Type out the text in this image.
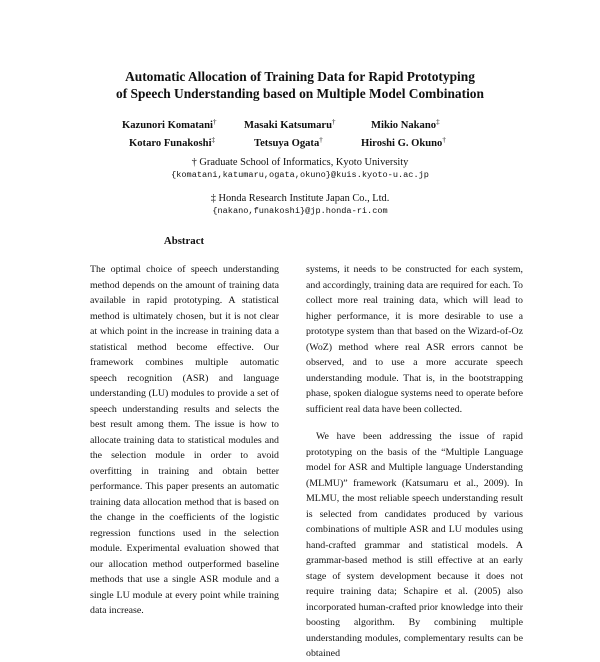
Automatic Allocation of Training Data for Rapid Prototyping
of Speech Understanding based on Multiple Model Combination
Kazunori Komatani†	Masaki Katsumaru†	Mikio Nakano‡
Kotaro Funakoshi‡	Tetsuya Ogata†	Hiroshi G. Okuno†
† Graduate School of Informatics, Kyoto University
{komatani,katumaru,ogata,okuno}@kuis.kyoto-u.ac.jp
‡ Honda Research Institute Japan Co., Ltd.
{nakano,funakoshi}@jp.honda-ri.com
Abstract

The optimal choice of speech understanding method depends on the amount of training data available in rapid prototyping. A statistical method is ultimately chosen, but it is not clear at which point in the increase in training data a statistical method become effective. Our framework combines multiple automatic speech recognition (ASR) and language understanding (LU) modules to provide a set of speech understanding results and selects the best result among them. The issue is how to allocate training data to statistical modules and the selection module in order to avoid overfitting in training and obtain better performance. This paper presents an automatic training data allocation method that is based on the change in the coefficients of the logistic regression functions used in the selection module. Experimental evaluation showed that our allocation method outperformed baseline methods that use a single ASR module and a single LU module at every point while training data increase.

systems, it needs to be constructed for each system, and accordingly, training data are required for each. To collect more real training data, which will lead to higher performance, it is more desirable to use a prototype system than that based on the Wizard-of-Oz (WoZ) method where real ASR errors cannot be observed, and to use a more accurate speech understanding module. That is, in the bootstrapping phase, spoken dialogue systems need to operate before sufficient real data have been collected.

We have been addressing the issue of rapid prototyping on the basis of the “Multiple Language model for ASR and Multiple language Understanding (MLMU)” framework (Katsumaru et al., 2009). In MLMU, the most reliable speech understanding result is selected from candidates produced by various combinations of multiple ASR and LU modules using hand-crafted grammar and statistical models. A grammar-based method is still effective at an early stage of system development because it does not require training data; Schapire et al. (2005) also incorporated human-crafted prior knowledge into their boosting algorithm. By combining multiple understanding modules, complementary results can be obtained
